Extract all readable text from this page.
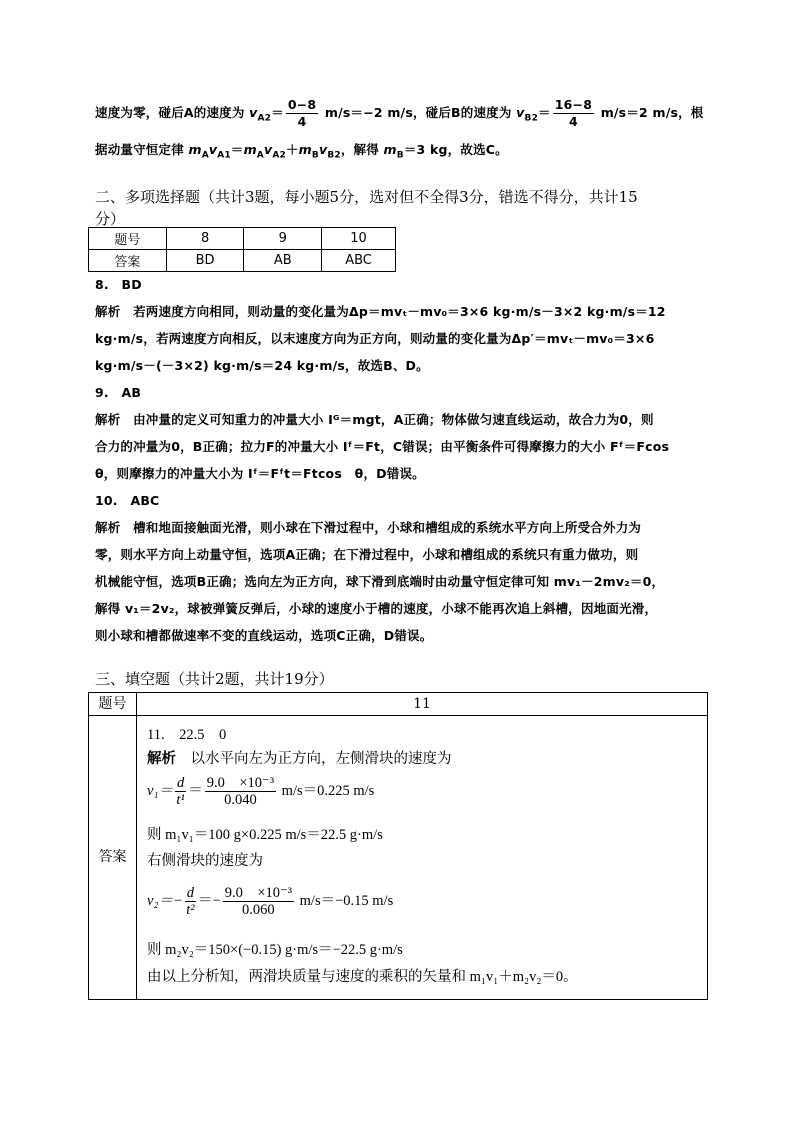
速度为零，碰后A的速度为 $v_{A2}= \frac{0-8}{4} m/s=-2$ m/s，碰后B的速度为 $v_{B2}= \frac{16-8}{4} m/s=2$ m/s，根
据动量守恒定律 $m_Av_{A1}=m_Av_{A2}+m_Bv_{B2}$，解得 $m_B=3$ kg，故选C。
二、多项选择题（共计3题，每小题5分，选对但不全得3分，错选不得分，共计15
分）
题号	8	9	10
答案	BD	AB	ABC
8.　BD
解析　若两速度方向相同，则动量的变化量为Δp＝mvₜ－mv₀＝3×6 kg·m/s－3×2 kg·m/s＝12
kg·m/s，若两速度方向相反，以末速度方向为正方向，则动量的变化量为Δp′＝mvₜ－mv₀＝3×6
kg·m/s－(－3×2) kg·m/s＝24 kg·m/s，故选B、D。
9.　AB
解析　由冲量的定义可知重力的冲量大小 Iᴳ＝mgt，A正确；物体做匀速直线运动，故合力为0，则
合力的冲量为0，B正确；拉力F的冲量大小 Iᶠ＝Ft，C错误；由平衡条件可得摩擦力的大小 Fᶠ＝Fcos
θ，则摩擦力的冲量大小为 Iᶠ＝Fᶠt＝Ftcos　θ，D错误。
10.　ABC
解析　槽和地面接触面光滑，则小球在下滑过程中，小球和槽组成的系统水平方向上所受合外力为
零，则水平方向上动量守恒，选项A正确；在下滑过程中，小球和槽组成的系统只有重力做功，则
机械能守恒，选项B正确；选向左为正方向，球下滑到底端时由动量守恒定律可知 mv₁－2mv₂＝0，
解得 v₁＝2v₂，球被弹簧反弹后，小球的速度小于槽的速度，小球不能再次追上斜槽，因地面光滑，
则小球和槽都做速率不变的直线运动，选项C正确，D错误。
三、填空题（共计2题，共计19分）
题号	11
答案
11.　22.5　0
解析　以水平向左为正方向，左侧滑块的速度为
$v_1= \frac{d}{\text{t¹}} = \frac{\text{9.0　×10⁻³}}{0.040} m/s=0.225$ m/s
则 m₁v₁＝100 g×0.225 m/s＝22.5 g·m/s
右侧滑块的速度为
$v_2=- \frac{d}{\text{t²}} =- \frac{\text{9.0　×10⁻³}}{0.060} m/s=-0.15$ m/s
则 m₂v₂＝150×(−0.15) g·m/s＝−22.5 g·m/s
由以上分析知，两滑块质量与速度的乘积的矢量和 m₁v₁＋m₂v₂＝0。
